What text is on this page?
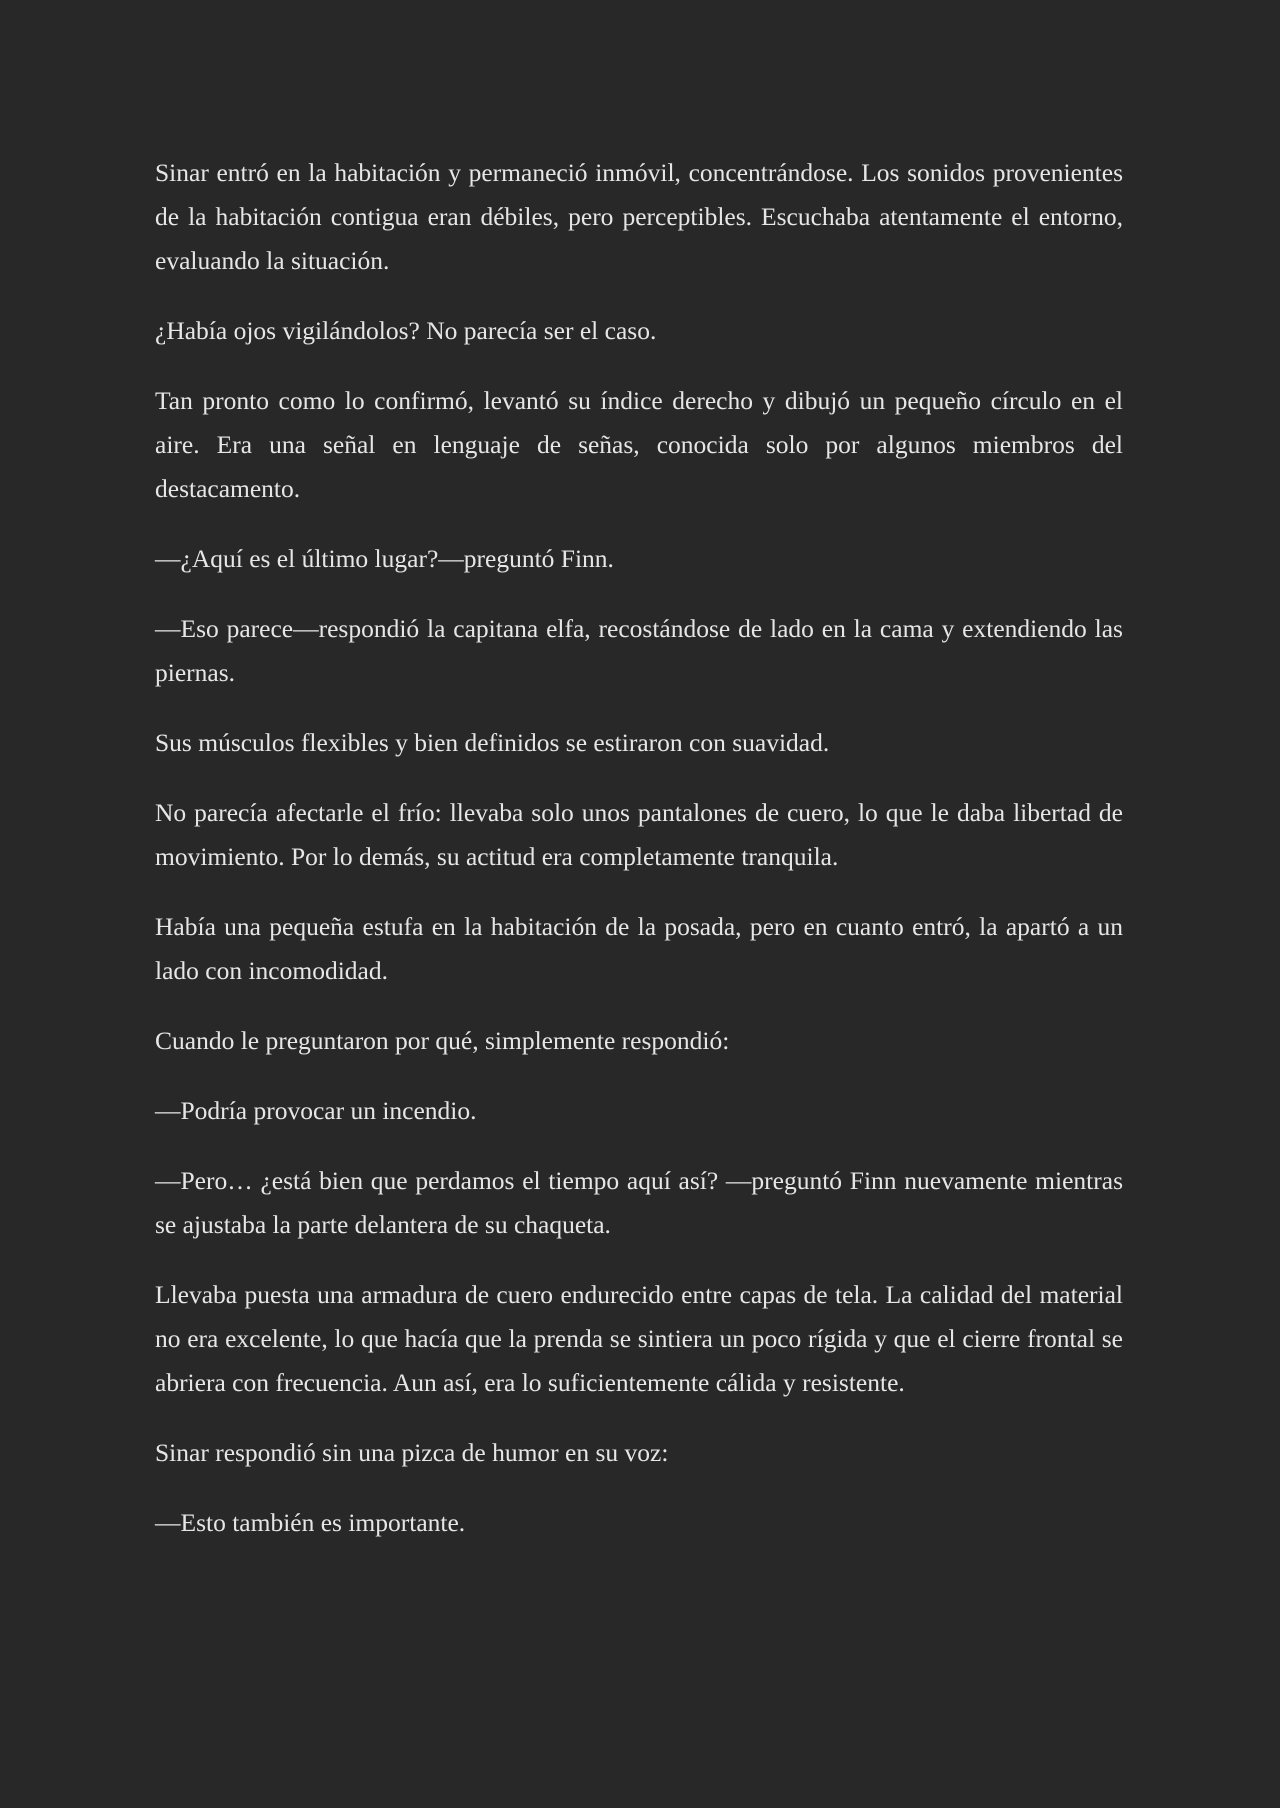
Sinar entró en la habitación y permaneció inmóvil, concentrándose. Los sonidos provenientes de la habitación contigua eran débiles, pero perceptibles. Escuchaba atentamente el entorno, evaluando la situación.

¿Había ojos vigilándolos? No parecía ser el caso.

Tan pronto como lo confirmó, levantó su índice derecho y dibujó un pequeño círculo en el aire. Era una señal en lenguaje de señas, conocida solo por algunos miembros del destacamento.

—¿Aquí es el último lugar?—preguntó Finn.

—Eso parece—respondió la capitana elfa, recostándose de lado en la cama y extendiendo las piernas.

Sus músculos flexibles y bien definidos se estiraron con suavidad.

No parecía afectarle el frío: llevaba solo unos pantalones de cuero, lo que le daba libertad de movimiento. Por lo demás, su actitud era completamente tranquila.

Había una pequeña estufa en la habitación de la posada, pero en cuanto entró, la apartó a un lado con incomodidad.

Cuando le preguntaron por qué, simplemente respondió:

—Podría provocar un incendio.

—Pero… ¿está bien que perdamos el tiempo aquí así? —preguntó Finn nuevamente mientras se ajustaba la parte delantera de su chaqueta.

Llevaba puesta una armadura de cuero endurecido entre capas de tela. La calidad del material no era excelente, lo que hacía que la prenda se sintiera un poco rígida y que el cierre frontal se abriera con frecuencia. Aun así, era lo suficientemente cálida y resistente.

Sinar respondió sin una pizca de humor en su voz:

—Esto también es importante.
